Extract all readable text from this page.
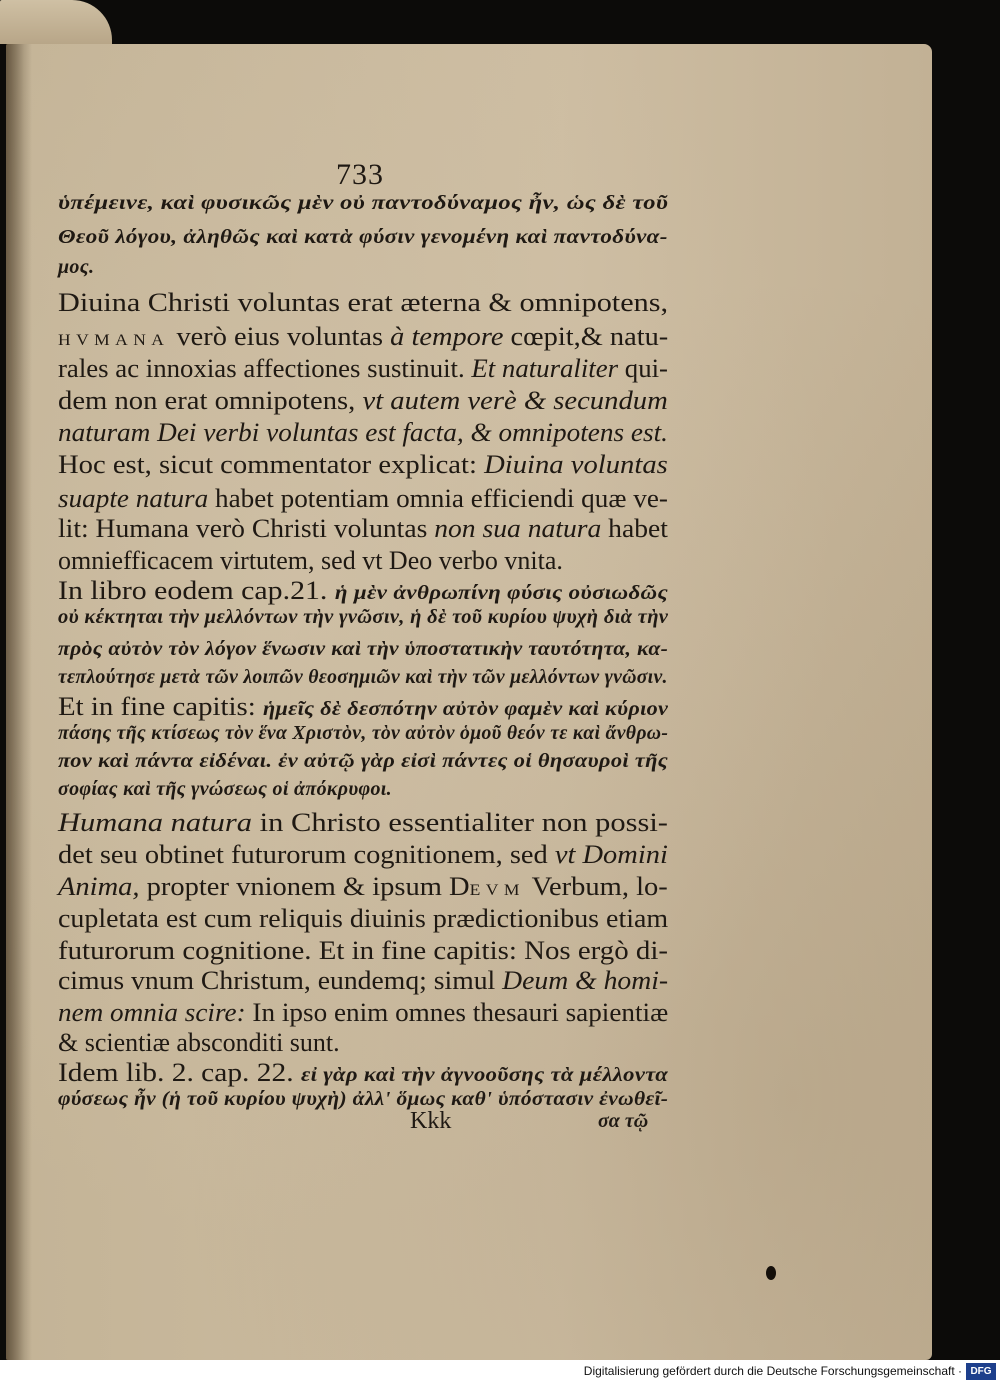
733
ὑπέμεινε, καὶ φυσικῶς μὲν οὐ παντοδύναμος ἦν, ὡς δὲ τοῦ
Θεοῦ λόγου, ἀληθῶς καὶ κατὰ φύσιν γενομένη καὶ παντοδύνα-
μος.
Diuina Christi voluntas erat æterna & omnipotens,
HVMANA verò eius voluntas à tempore cœpit,& natu-
rales ac innoxias affectiones sustinuit. Et naturaliter qui-
dem non erat omnipotens, vt autem verè & secundum
naturam Dei verbi voluntas est facta, & omnipotens est.
Hoc est, sicut commentator explicat: Diuina voluntas
suapte natura habet potentiam omnia efficiendi quæ ve-
lit: Humana verò Christi voluntas non sua natura habet
omniefficacem virtutem, sed vt Deo verbo vnita.
In libro eodem cap.21. ἡ μὲν ἀνθρωπίνη φύσις οὐσιωδῶς
οὐ κέκτηται τὴν μελλόντων τὴν γνῶσιν, ἡ δὲ τοῦ κυρίου ψυχὴ διὰ τὴν
πρὸς αὐτὸν τὸν λόγον ἕνωσιν καὶ τὴν ὑποστατικὴν ταυτότητα, κα-
τεπλούτησε μετὰ τῶν λοιπῶν θεοσημιῶν καὶ τὴν τῶν μελλόντων γνῶσιν.
Et in fine capitis: ἡμεῖς δὲ δεσπότην αὐτὸν φαμὲν καὶ κύριον
πάσης τῆς κτίσεως τὸν ἕνα Χριστὸν, τὸν αὐτὸν ὁμοῦ θεόν τε καὶ ἄνθρω-
πον καὶ πάντα εἰδέναι. ἐν αὐτῷ γὰρ εἰσὶ πάντες οἱ θησαυροὶ τῆς
σοφίας καὶ τῆς γνώσεως οἱ ἀπόκρυφοι.
Humana natura in Christo essentialiter non possi-
det seu obtinet futurorum cognitionem, sed vt Domini
Anima, propter vnionem & ipsum DEVM Verbum, lo-
cupletata est cum reliquis diuinis prædictionibus etiam
futurorum cognitione. Et in fine capitis: Nos ergò di-
cimus vnum Christum, eundemq; simul Deum & homi-
nem omnia scire: In ipso enim omnes thesauri sapientiæ
& scientiæ absconditi sunt.
Idem lib. 2. cap. 22. εἰ γὰρ καὶ τὴν ἀγνοοῦσης τὰ μέλλοντα
φύσεως ἦν (ἡ τοῦ κυρίου ψυχὴ) ἀλλ' ὅμως καθ' ὑπόστασιν ἐνωθεῖ-
Kkk	σα τῷ
Digitalisierung gefördert durch die Deutsche Forschungsgemeinschaft · DFG
